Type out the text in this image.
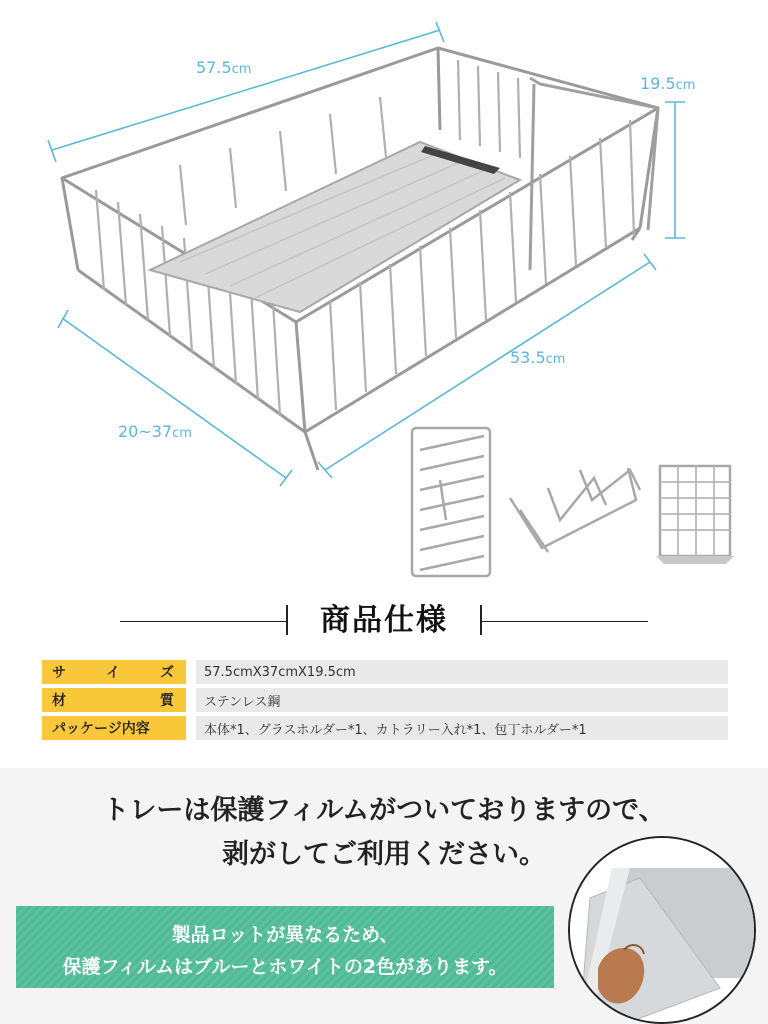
57.5cm
19.5cm
53.5cm
20~37cm
商品仕様
サ	イ	ズ	57.5cmX37cmX19.5cm
材	質	ステンレス鋼
パッケージ内容	本体*1、グラスホルダー*1、カトラリー入れ*1、包丁ホルダー*1
トレーは保護フィルムがついておりますので、
剥がしてご利用ください。
製品ロットが異なるため、
保護フィルムはブルーとホワイトの2色があります。
